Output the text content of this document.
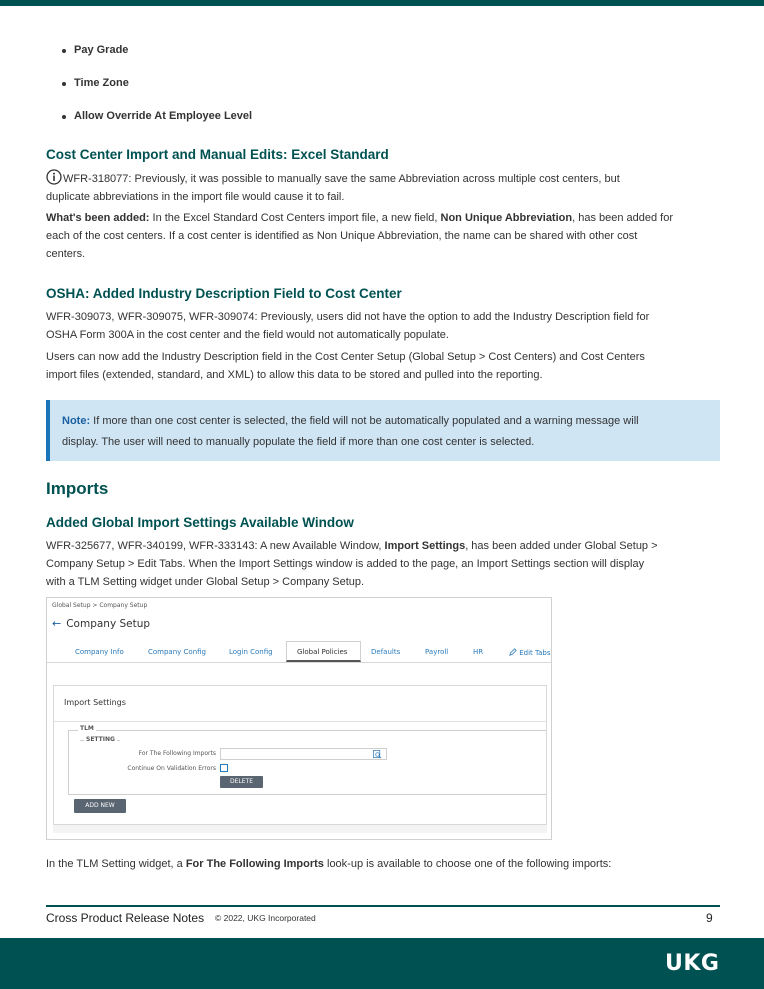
Pay Grade
Time Zone
Allow Override At Employee Level
Cost Center Import and Manual Edits: Excel Standard

WFR-318077: Previously, it was possible to manually save the same Abbreviation across multiple cost centers, but
duplicate abbreviations in the import file would cause it to fail.

What's been added: In the Excel Standard Cost Centers import file, a new field, Non Unique Abbreviation, has been added for
each of the cost centers. If a cost center is identified as Non Unique Abbreviation, the name can be shared with other cost
centers.

OSHA: Added Industry Description Field to Cost Center

WFR-309073, WFR-309075, WFR-309074: Previously, users did not have the option to add the Industry Description field for
OSHA Form 300A in the cost center and the field would not automatically populate.

Users can now add the Industry Description field in the Cost Center Setup (Global Setup > Cost Centers) and Cost Centers
import files (extended, standard, and XML) to allow this data to be stored and pulled into the reporting.

Note: If more than one cost center is selected, the field will not be automatically populated and a warning message will
display. The user will need to manually populate the field if more than one cost center is selected.
Imports
Added Global Import Settings Available Window

WFR-325677, WFR-340199, WFR-333143: A new Available Window, Import Settings, has been added under Global Setup >
Company Setup > Edit Tabs. When the Import Settings window is added to the page, an Import Settings section will display
with a TLM Setting widget under Global Setup > Company Setup.

Global Setup > Company Setup
← Company Setup
Company Info	Company Config	Login Config	Global Policies	Defaults	Payroll	HR	Edit Tabs
Import Settings
TLM
SETTING
For The Following Imports
Continue On Validation Errors
DELETE
ADD NEW

In the TLM Setting widget, a For The Following Imports look-up is available to choose one of the following imports:

Cross Product Release Notes © 2022, UKG Incorporated	9
UKG
